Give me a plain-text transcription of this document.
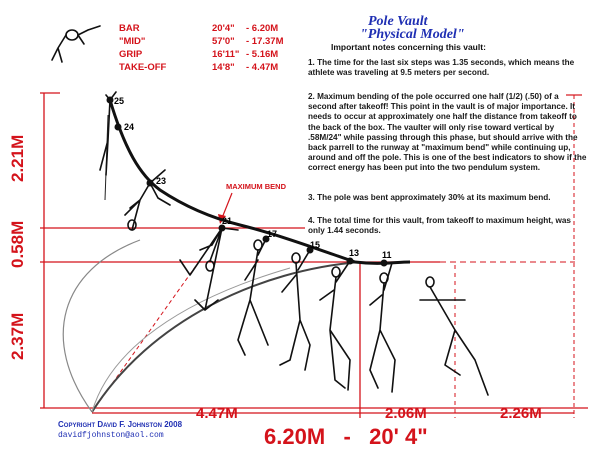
BAR	20'4" - 6.20M
"MID"	57'0" - 17.37M
GRIP	16'11" - 5.16M
TAKE-OFF	14'8" - 4.47M
Pole Vault
"Physical Model"
Important notes concerning this vault:
1. The time for the last six steps was 1.35 seconds, which means the athlete was traveling at 9.5 meters per second.
2. Maximum bending of the pole occurred one half (1/2) (.50) of a second after takeoff! This point in the vault is of major importance. It needs to occur at approximately one half the distance from takeoff to the back of the box. The vaulter will only rise toward vertical by .58M/24" while passing through this phase, but should arrive with the back parrell to the runway at "maximum bend" while continuing up, around and off the pole. This is one of the best indicators to show if the correct energy has been put into the two pendulum system.
3. The pole was bent approximately 30% at its maximum bend.
4. The total time for this vault, from takeoff to maximum height, was only 1.44 seconds.
MAXIMUM BEND
25
24
23
21
17
15
13	11
2.21M
0.58M
2.37M
4.47M	2.06M	2.26M
6.20M   -   20' 4"
Copyright David F. Johnston 2008
davidfjohnston@aol.com
